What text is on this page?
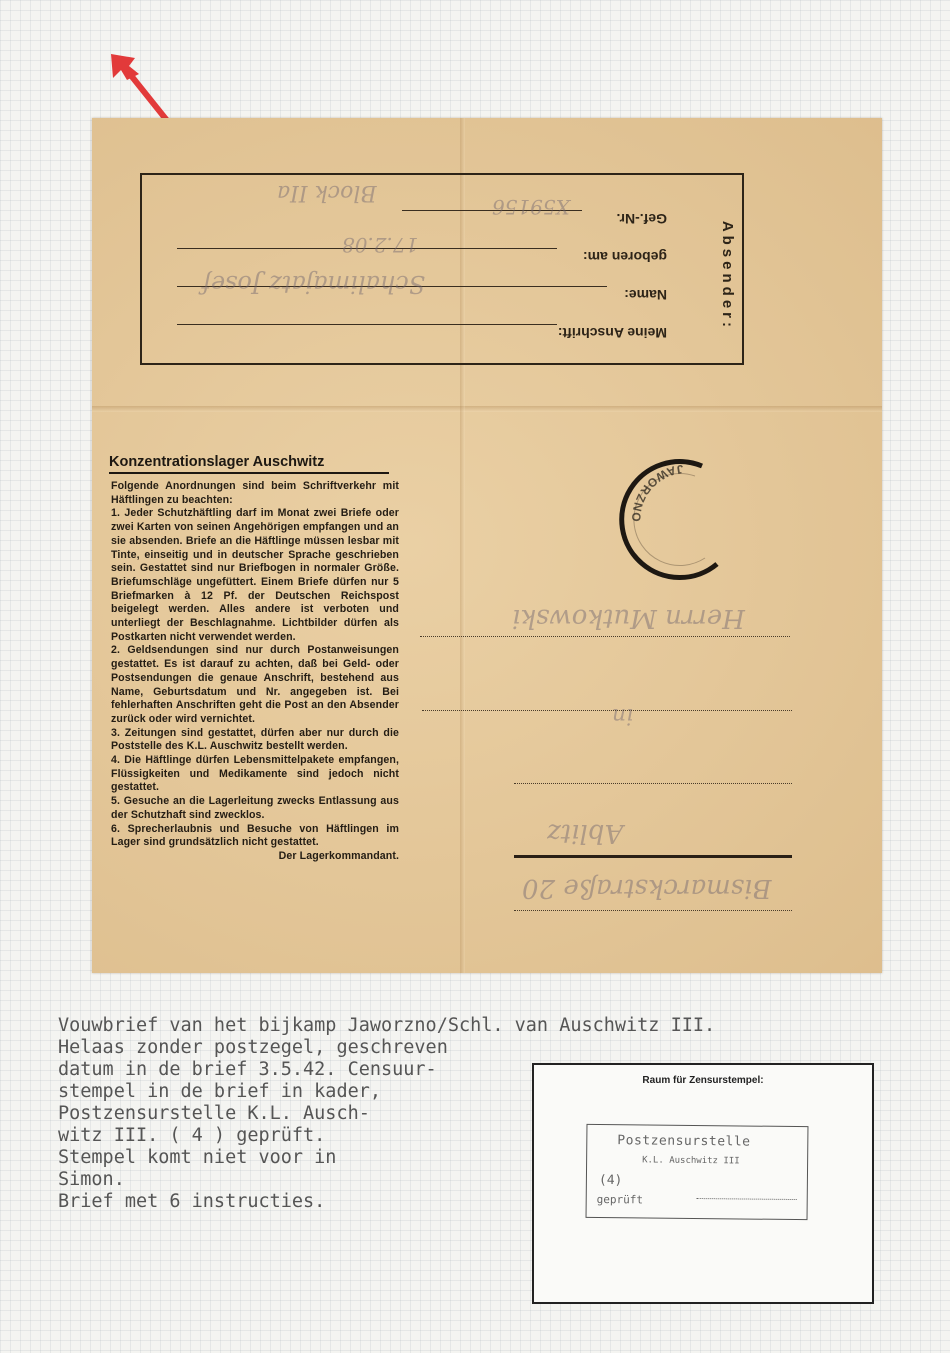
Absender:
Meine Anschrift:
Name:
geboren am:
Gef.-Nr.
Block IIa
X59156
17.2.08
Schalimajatz Josef
Konzentrationslager Auschwitz

Folgende Anordnungen sind beim Schriftverkehr mit Häftlingen zu beachten:

1. Jeder Schutzhäftling darf im Monat zwei Briefe oder zwei Karten von seinen Angehörigen empfangen und an sie absenden. Briefe an die Häftlinge müssen lesbar mit Tinte, einseitig und in deutscher Sprache geschrieben sein. Gestattet sind nur Briefbogen in normaler Größe. Briefumschläge ungefüttert. Einem Briefe dürfen nur 5 Briefmarken à 12 Pf. der Deutschen Reichspost beigelegt werden. Alles andere ist verboten und unterliegt der Beschlagnahme. Lichtbilder dürfen als Postkarten nicht verwendet werden.

2. Geldsendungen sind nur durch Postanweisungen gestattet. Es ist darauf zu achten, daß bei Geld- oder Postsendungen die genaue Anschrift, bestehend aus Name, Geburtsdatum und Nr. angegeben ist. Bei fehlerhaften Anschriften geht die Post an den Absender zurück oder wird vernichtet.

3. Zeitungen sind gestattet, dürfen aber nur durch die Poststelle des K.L. Auschwitz bestellt werden.

4. Die Häftlinge dürfen Lebensmittelpakete empfangen, Flüssigkeiten und Medikamente sind jedoch nicht gestattet.

5. Gesuche an die Lagerleitung zwecks Entlassung aus der Schutzhaft sind zwecklos.

6. Sprecherlaubnis und Besuche von Häftlingen im Lager sind grundsätzlich nicht gestattet.

Der Lagerkommandant.

JAWORZNO
Herrn Mutkowski
in
Ablitz
Bismarckstraße 20
Vouwbrief van het bijkamp Jaworzno/Schl. van Auschwitz III.
Helaas zonder postzegel, geschreven
datum in de brief 3.5.42. Censuur-
stempel in de brief in kader,
Postzensurstelle K.L. Ausch-
witz III. ( 4 ) geprüft.
Stempel komt niet voor in
Simon.
Brief met 6 instructies.
Raum für Zensurstempel:
Postzensurstelle
K.L. Auschwitz III
(4)
geprüft
